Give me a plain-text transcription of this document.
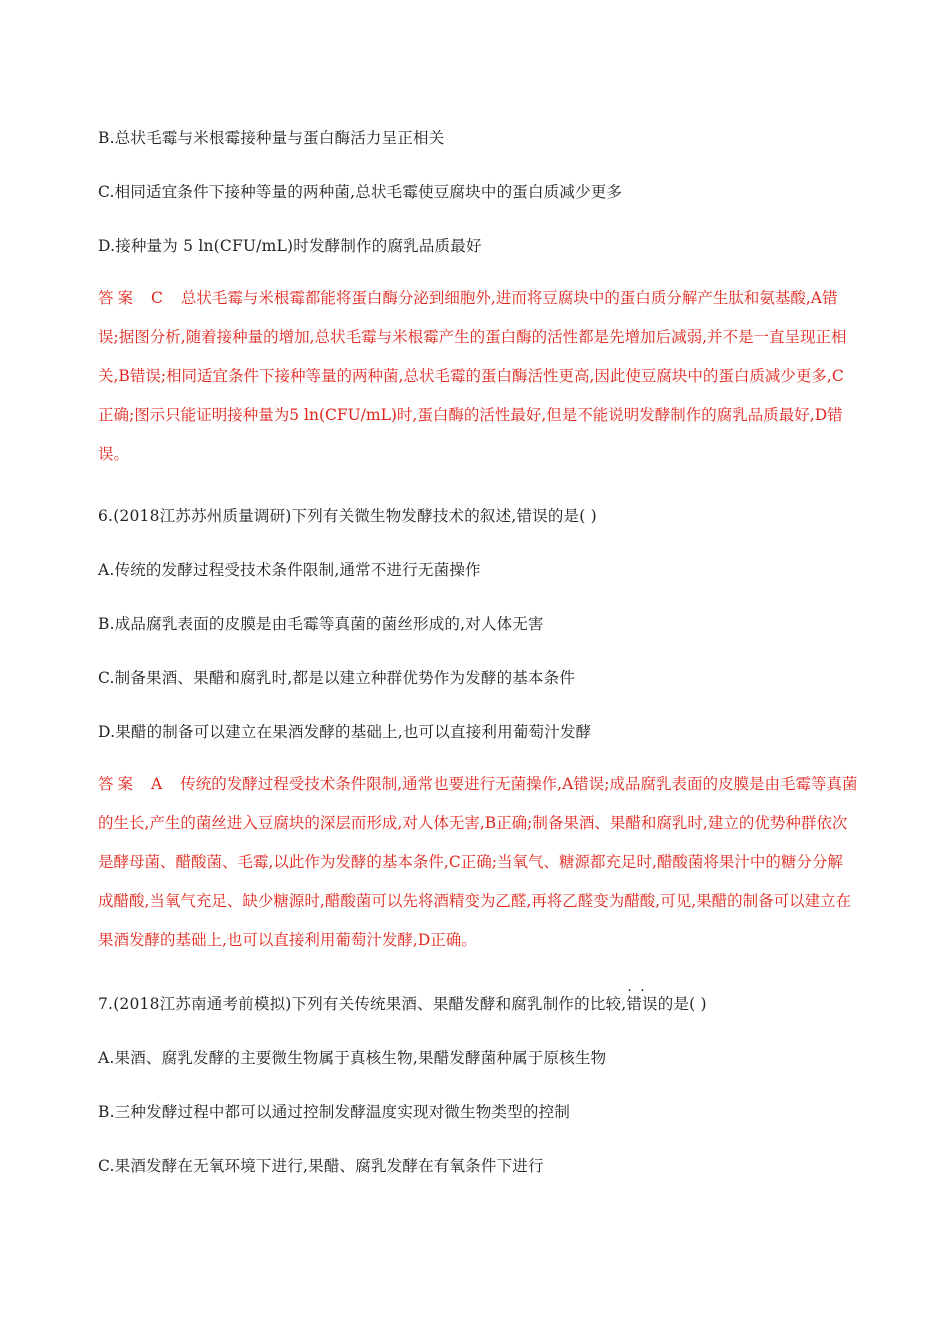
B.总状毛霉与米根霉接种量与蛋白酶活力呈正相关
C.相同适宜条件下接种等量的两种菌,总状毛霉使豆腐块中的蛋白质减少更多
D.接种量为 5 ln(CFU/mL)时发酵制作的腐乳品质最好
答案 C 总状毛霉与米根霉都能将蛋白酶分泌到细胞外,进而将豆腐块中的蛋白质分解产生肽和氨基酸,A错误;据图分析,随着接种量的增加,总状毛霉与米根霉产生的蛋白酶的活性都是先增加后减弱,并不是一直呈现正相关,B错误;相同适宜条件下接种等量的两种菌,总状毛霉的蛋白酶活性更高,因此使豆腐块中的蛋白质减少更多,C正确;图示只能证明接种量为5 ln(CFU/mL)时,蛋白酶的活性最好,但是不能说明发酵制作的腐乳品质最好,D错误。
6.(2018江苏苏州质量调研)下列有关微生物发酵技术的叙述,错误的是( )
A.传统的发酵过程受技术条件限制,通常不进行无菌操作
B.成品腐乳表面的皮膜是由毛霉等真菌的菌丝形成的,对人体无害
C.制备果酒、果醋和腐乳时,都是以建立种群优势作为发酵的基本条件
D.果醋的制备可以建立在果酒发酵的基础上,也可以直接利用葡萄汁发酵
答案 A 传统的发酵过程受技术条件限制,通常也要进行无菌操作,A错误;成品腐乳表面的皮膜是由毛霉等真菌的生长,产生的菌丝进入豆腐块的深层而形成,对人体无害,B正确;制备果酒、果醋和腐乳时,建立的优势种群依次是酵母菌、醋酸菌、毛霉,以此作为发酵的基本条件,C正确;当氧气、糖源都充足时,醋酸菌将果汁中的糖分分解成醋酸,当氧气充足、缺少糖源时,醋酸菌可以先将酒精变为乙醛,再将乙醛变为醋酸,可见,果醋的制备可以建立在果酒发酵的基础上,也可以直接利用葡萄汁发酵,D正确。
7.(2018江苏南通考前模拟)下列有关传统果酒、果醋发酵和腐乳制作的比较,· · 错误的是( )
A.果酒、腐乳发酵的主要微生物属于真核生物,果醋发酵菌种属于原核生物
B.三种发酵过程中都可以通过控制发酵温度实现对微生物类型的控制
C.果酒发酵在无氧环境下进行,果醋、腐乳发酵在有氧条件下进行
